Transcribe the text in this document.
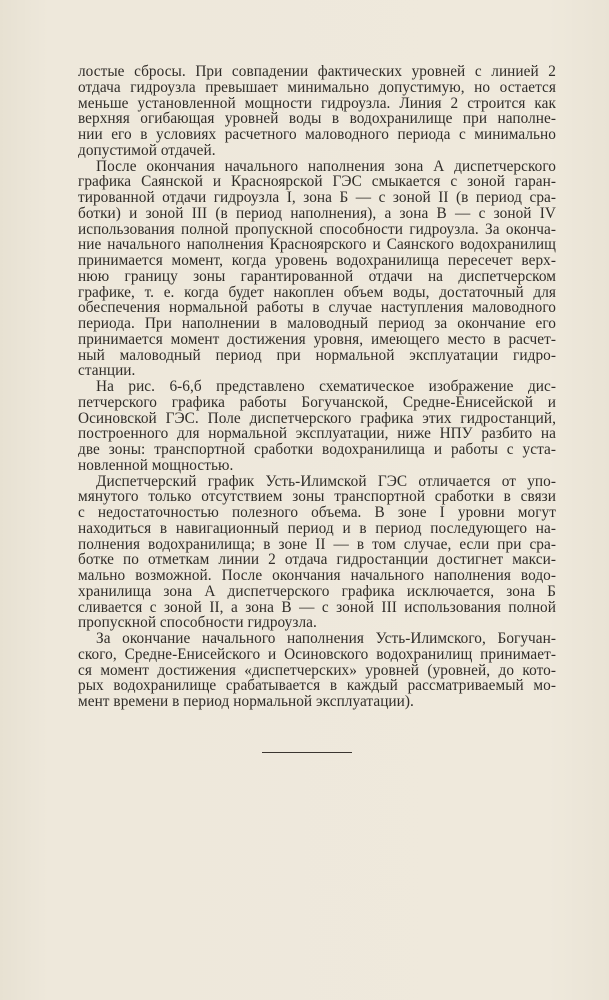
лостые сбросы. При совпадении фактических уровней с линией 2
отдача гидроузла превышает минимально допустимую, но остается
меньше установленной мощности гидроузла. Линия 2 строится как
верхняя огибающая уровней воды в водохранилище при наполне-
нии его в условиях расчетного маловодного периода с минимально
допустимой отдачей.

После окончания начального наполнения зона А диспетчерского
графика Саянской и Красноярской ГЭС смыкается с зоной гаран-
тированной отдачи гидроузла I, зона Б — с зоной II (в период сра-
ботки) и зоной III (в период наполнения), а зона В — с зоной IV
использования полной пропускной способности гидроузла. За оконча-
ние начального наполнения Красноярского и Саянского водохранилищ
принимается момент, когда уровень водохранилища пересечет верх-
нюю границу зоны гарантированной отдачи на диспетчерском
графике, т. е. когда будет накоплен объем воды, достаточный для
обеспечения нормальной работы в случае наступления маловодного
периода. При наполнении в маловодный период за окончание его
принимается момент достижения уровня, имеющего место в расчет-
ный маловодный период при нормальной эксплуатации гидро-
станции.

На рис. 6-6,б представлено схематическое изображение дис-
петчерского графика работы Богучанской, Средне-Енисейской и
Осиновской ГЭС. Поле диспетчерского графика этих гидростанций,
построенного для нормальной эксплуатации, ниже НПУ разбито на
две зоны: транспортной сработки водохранилища и работы с уста-
новленной мощностью.

Диспетчерский график Усть-Илимской ГЭС отличается от упо-
мянутого только отсутствием зоны транспортной сработки в связи
с недостаточностью полезного объема. В зоне I уровни могут
находиться в навигационный период и в период последующего на-
полнения водохранилища; в зоне II — в том случае, если при сра-
ботке по отметкам линии 2 отдача гидростанции достигнет макси-
мально возможной. После окончания начального наполнения водо-
хранилища зона А диспетчерского графика исключается, зона Б
сливается с зоной II, а зона В — с зоной III использования полной
пропускной способности гидроузла.

За окончание начального наполнения Усть-Илимского, Богучан-
ского, Средне-Енисейского и Осиновского водохранилищ принимает-
ся момент достижения «диспетчерских» уровней (уровней, до кото-
рых водохранилище срабатывается в каждый рассматриваемый мо-
мент времени в период нормальной эксплуатации).
